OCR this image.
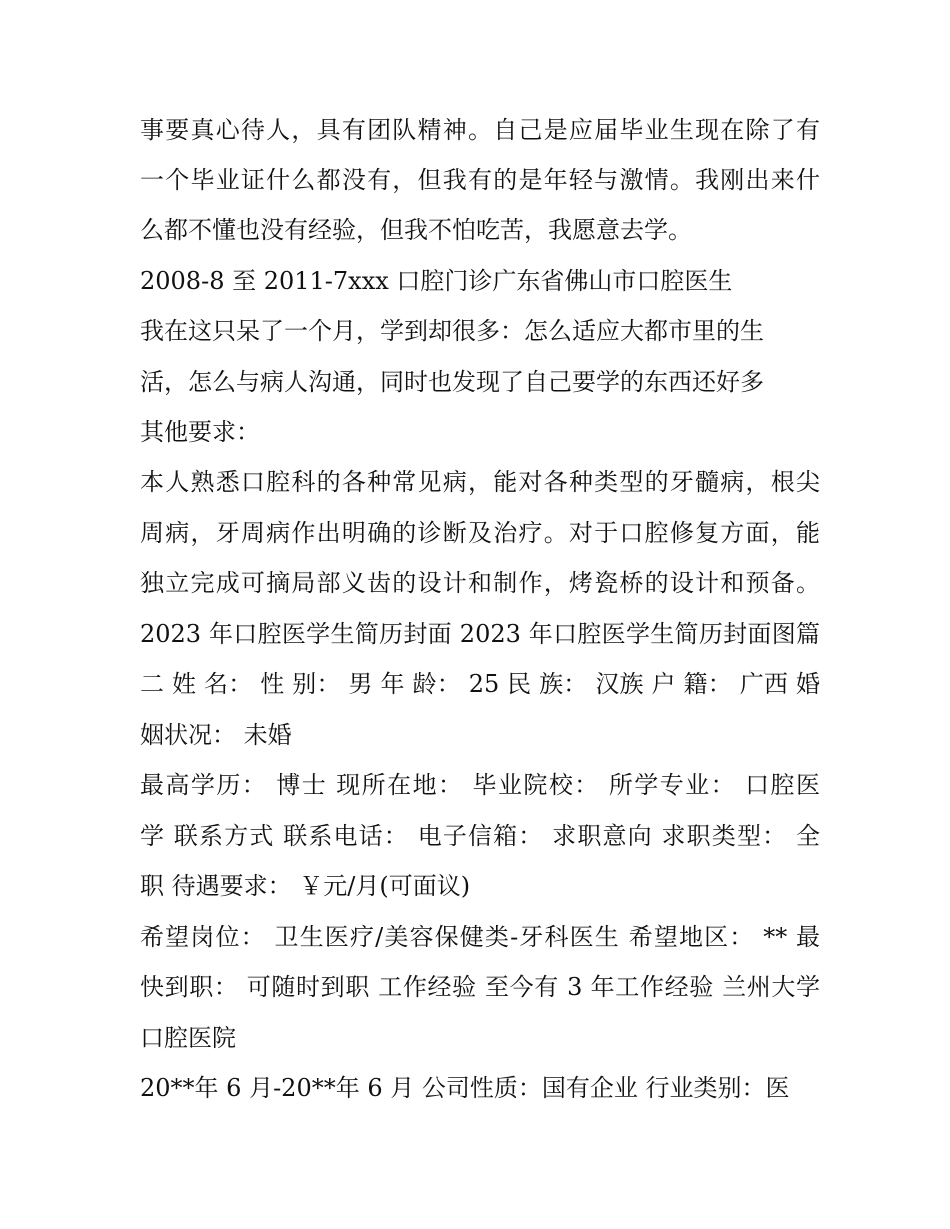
事要真心待人，具有团队精神。自己是应届毕业生现在除了有
一个毕业证什么都没有，但我有的是年轻与激情。我刚出来什
么都不懂也没有经验，但我不怕吃苦，我愿意去学。
2008-8 至 2011-7xxx 口腔门诊广东省佛山市口腔医生
我在这只呆了一个月，学到却很多：怎么适应大都市里的生
活，怎么与病人沟通，同时也发现了自己要学的东西还好多
其他要求：
本人熟悉口腔科的各种常见病，能对各种类型的牙髓病，根尖
周病，牙周病作出明确的诊断及治疗。对于口腔修复方面，能
独立完成可摘局部义齿的设计和制作，烤瓷桥的设计和预备。
2023 年口腔医学生简历封面 2023 年口腔医学生简历封面图篇
二 姓 名： 性 别： 男 年 龄： 25 民 族： 汉族 户 籍： 广西 婚
姻状况： 未婚
最高学历： 博士 现所在地： 毕业院校： 所学专业： 口腔医
学 联系方式 联系电话： 电子信箱： 求职意向 求职类型： 全
职 待遇要求： ￥元/月(可面议)
希望岗位： 卫生医疗/美容保健类-牙科医生 希望地区： ** 最
快到职： 可随时到职 工作经验 至今有 3 年工作经验 兰州大学
口腔医院
20**年 6 月-20**年 6 月 公司性质：国有企业 行业类别：医
